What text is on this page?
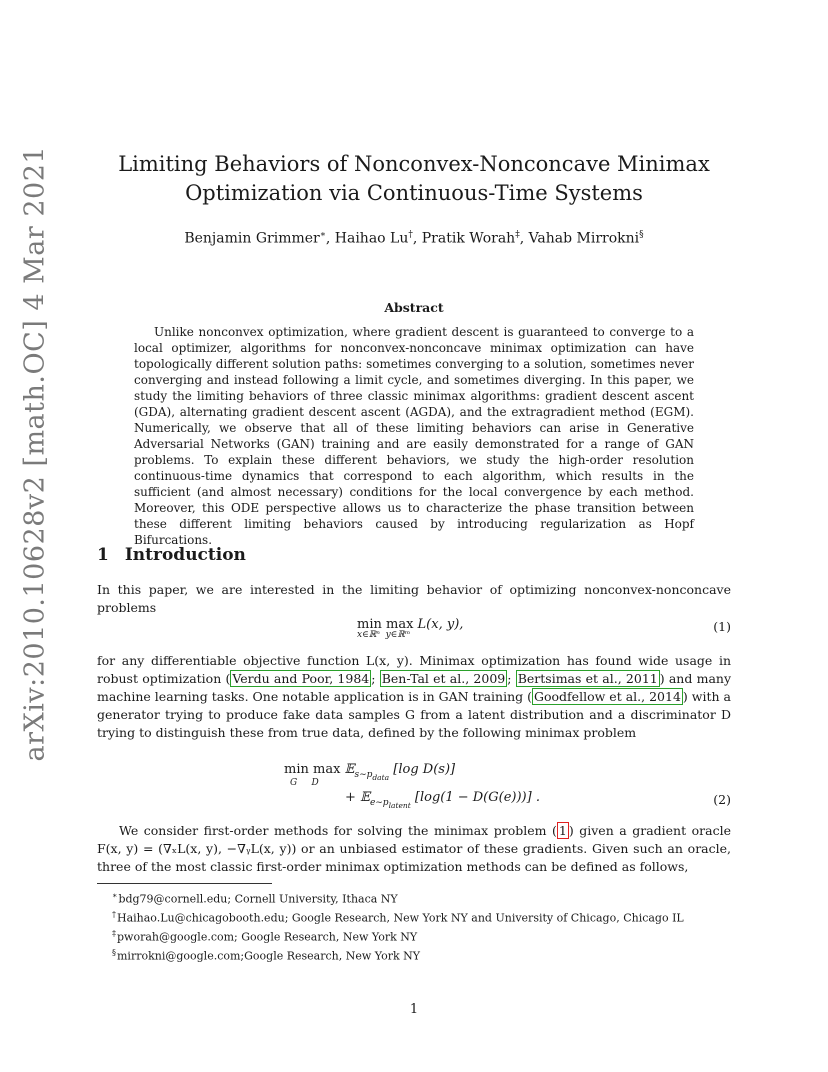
arXiv:2010.10628v2 [math.OC] 4 Mar 2021	Limiting Behaviors of Nonconvex-Nonconcave Minimax
Optimization via Continuous-Time Systems
Benjamin Grimmer∗, Haihao Lu†, Pratik Worah‡, Vahab Mirrokni§
Abstract

Unlike nonconvex optimization, where gradient descent is guaranteed to converge to a local optimizer, algorithms for nonconvex-nonconcave minimax optimization can have topologically different solution paths: sometimes converging to a solution, sometimes never converging and instead following a limit cycle, and sometimes diverging. In this paper, we study the limiting behaviors of three classic minimax algorithms: gradient descent ascent (GDA), alternating gradient descent ascent (AGDA), and the extragradient method (EGM). Numerically, we observe that all of these limiting behaviors can arise in Generative Adversarial Networks (GAN) training and are easily demonstrated for a range of GAN problems. To explain these different behaviors, we study the high-order resolution continuous-time dynamics that correspond to each algorithm, which results in the sufficient (and almost necessary) conditions for the local convergence by each method. Moreover, this ODE perspective allows us to characterize the phase transition between these different limiting behaviors caused by introducing regularization as Hopf Bifurcations.

1 Introduction

In this paper, we are interested in the limiting behavior of optimizing nonconvex-nonconcave problems

min max L(x, y),
x∈ℝⁿ  y∈ℝᵐ
(1)

for any differentiable objective function L(x, y). Minimax optimization has found wide usage in robust optimization ( Verdu and Poor, 1984 ; Ben-Tal et al., 2009 ; Bertsimas et al., 2011 ) and many machine learning tasks. One notable application is in GAN training ( Goodfellow et al., 2014 ) with a generator trying to produce fake data samples G from a latent distribution and a discriminator D trying to distinguish these from true data, defined by the following minimax problem

min max 𝔼$_{s\sim p_{data}}$ [log D(s)]
G     D
+ 𝔼$_{e\sim p_{latent}}$ [log(1 − D(G(e)))] .	(2)

We consider first-order methods for solving the minimax problem ( 1 ) given a gradient oracle F(x, y) = (∇ₓL(x, y), −∇ᵧL(x, y)) or an unbiased estimator of these gradients. Given such an oracle, three of the most classic first-order minimax optimization methods can be defined as follows,

∗bdg79@cornell.edu; Cornell University, Ithaca NY
†Haihao.Lu@chicagobooth.edu; Google Research, New York NY and University of Chicago, Chicago IL
‡pworah@google.com; Google Research, New York NY
§mirrokni@google.com;Google Research, New York NY
1
